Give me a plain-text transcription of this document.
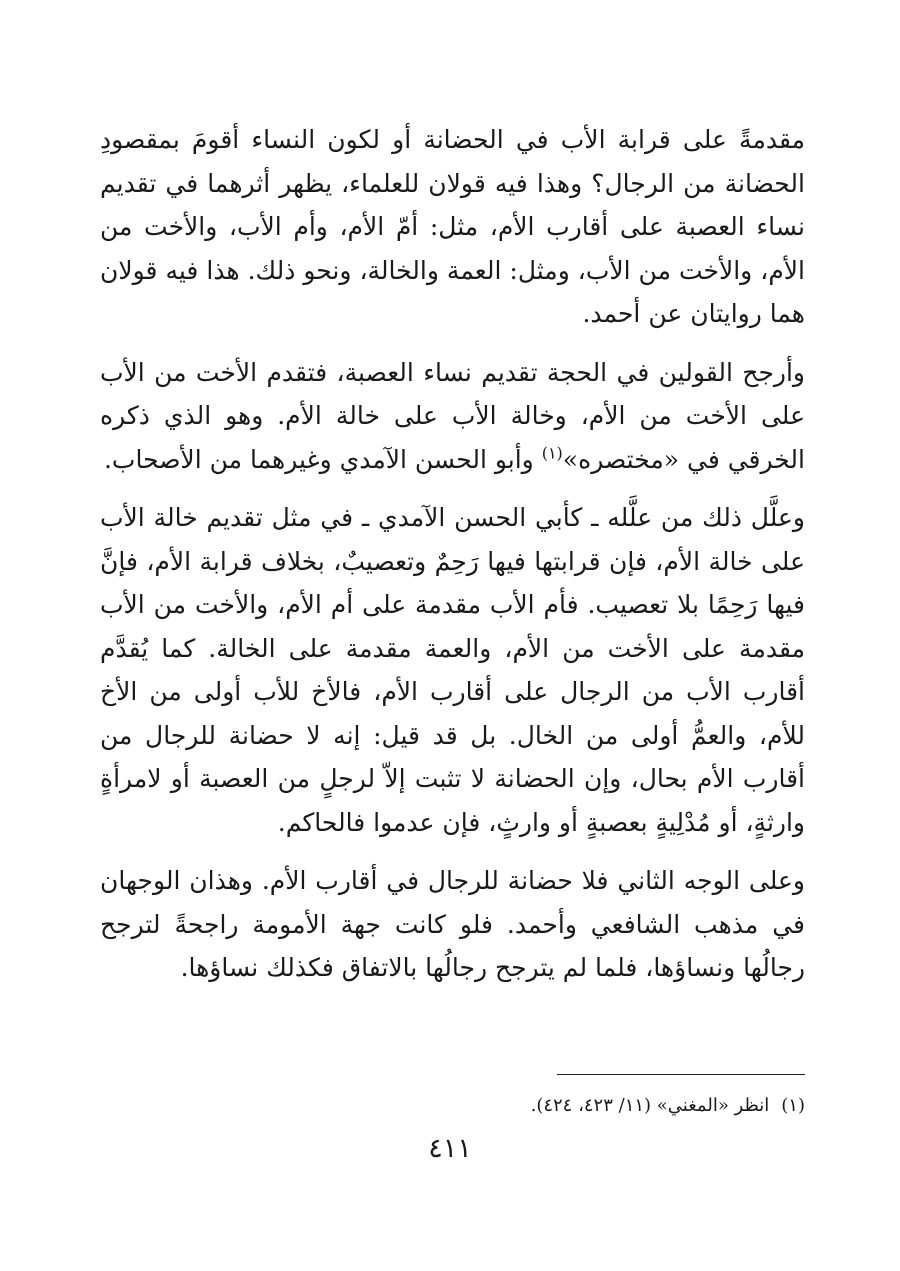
مقدمةً على قرابة الأب في الحضانة أو لكون النساء أقومَ بمقصودِ الحضانة من الرجال؟ وهذا فيه قولان للعلماء، يظهر أثرهما في تقديم نساء العصبة على أقارب الأم، مثل: أمّ الأم، وأم الأب، والأخت من الأم، والأخت من الأب، ومثل: العمة والخالة، ونحو ذلك. هذا فيه قولان هما روايتان عن أحمد.

وأرجح القولين في الحجة تقديم نساء العصبة، فتقدم الأخت من الأب على الأخت من الأم، وخالة الأب على خالة الأم. وهو الذي ذكره الخرقي في «مختصره»$^{(١)}$ وأبو الحسن الآمدي وغيرهما من الأصحاب.

وعلَّل ذلك من علَّله ـ كأبي الحسن الآمدي ـ في مثل تقديم خالة الأب على خالة الأم، فإن قرابتها فيها رَحِمٌ وتعصيبٌ، بخلاف قرابة الأم، فإنَّ فيها رَحِمًا بلا تعصيب. فأم الأب مقدمة على أم الأم، والأخت من الأب مقدمة على الأخت من الأم، والعمة مقدمة على الخالة. كما يُقدَّم أقارب الأب من الرجال على أقارب الأم، فالأخ للأب أولى من الأخ للأم، والعمُّ أولى من الخال. بل قد قيل: إنه لا حضانة للرجال من أقارب الأم بحال، وإن الحضانة لا تثبت إلاّ لرجلٍ من العصبة أو لامرأةٍ وارثةٍ، أو مُدْلِيةٍ بعصبةٍ أو وارثٍ، فإن عدموا فالحاكم.

وعلى الوجه الثاني فلا حضانة للرجال في أقارب الأم. وهذان الوجهان في مذهب الشافعي وأحمد. فلو كانت جهة الأمومة راجحةً لترجح رجالُها ونساؤها، فلما لم يترجح رجالُها بالاتفاق فكذلك نساؤها.

(١)انظر «المغني» (١١/ ٤٢٣، ٤٢٤).
٤١١
